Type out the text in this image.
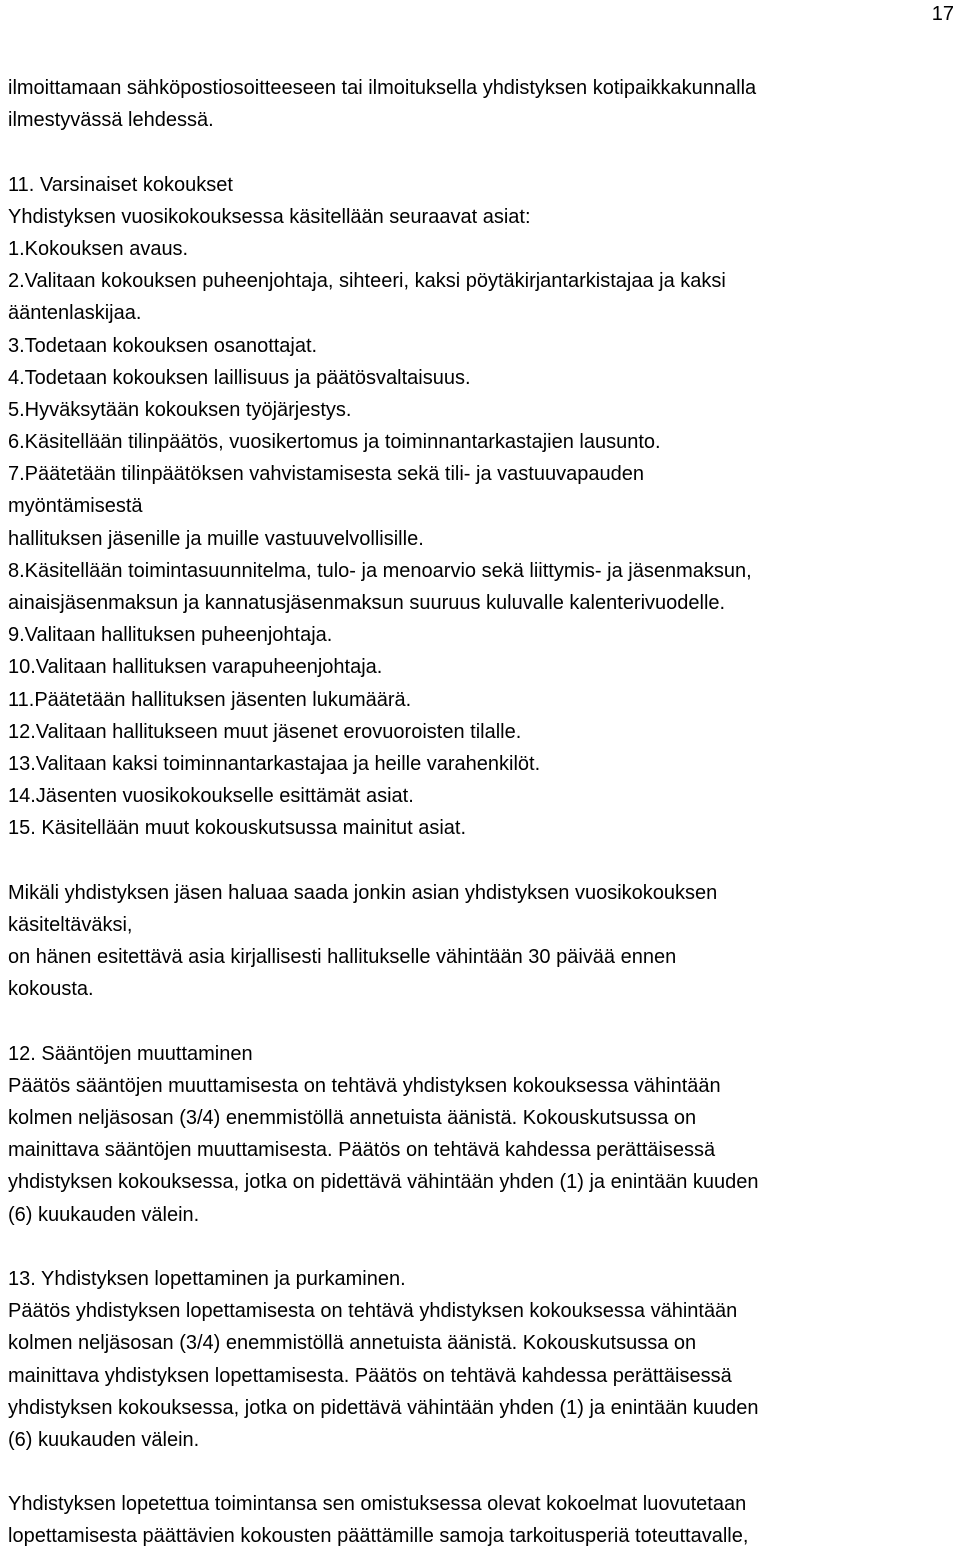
17
ilmoittamaan sähköpostiosoitteeseen tai ilmoituksella yhdistyksen kotipaikkakunnalla
ilmestyvässä lehdessä.
11. Varsinaiset kokoukset
Yhdistyksen vuosikokouksessa käsitellään seuraavat asiat:
1.Kokouksen avaus.
2.Valitaan kokouksen puheenjohtaja, sihteeri, kaksi pöytäkirjantarkistajaa ja kaksi
ääntenlaskijaa.
3.Todetaan kokouksen osanottajat.
4.Todetaan kokouksen laillisuus ja päätösvaltaisuus.
5.Hyväksytään kokouksen työjärjestys.
6.Käsitellään tilinpäätös, vuosikertomus ja toiminnantarkastajien lausunto.
7.Päätetään tilinpäätöksen vahvistamisesta sekä tili- ja vastuuvapauden
myöntämisestä
hallituksen jäsenille ja muille vastuuvelvollisille.
8.Käsitellään toimintasuunnitelma, tulo- ja menoarvio sekä liittymis- ja jäsenmaksun,
ainaisjäsenmaksun ja kannatusjäsenmaksun suuruus kuluvalle kalenterivuodelle.
9.Valitaan hallituksen puheenjohtaja.
10.Valitaan hallituksen varapuheenjohtaja.
11.Päätetään hallituksen jäsenten lukumäärä.
12.Valitaan hallitukseen muut jäsenet erovuoroisten tilalle.
13.Valitaan kaksi toiminnantarkastajaa ja heille varahenkilöt.
14.Jäsenten vuosikokoukselle esittämät asiat.
15. Käsitellään muut kokouskutsussa mainitut asiat.
Mikäli yhdistyksen jäsen haluaa saada jonkin asian yhdistyksen vuosikokouksen
käsiteltäväksi,
on hänen esitettävä asia kirjallisesti hallitukselle vähintään 30 päivää ennen
kokousta.
12. Sääntöjen muuttaminen
Päätös sääntöjen muuttamisesta on tehtävä yhdistyksen kokouksessa vähintään
kolmen neljäsosan (3/4) enemmistöllä annetuista äänistä. Kokouskutsussa on
mainittava sääntöjen muuttamisesta. Päätös on tehtävä kahdessa perättäisessä
yhdistyksen kokouksessa, jotka on pidettävä vähintään yhden (1) ja enintään kuuden
(6) kuukauden välein.
13. Yhdistyksen lopettaminen ja purkaminen.
Päätös yhdistyksen lopettamisesta on tehtävä yhdistyksen kokouksessa vähintään
kolmen neljäsosan (3/4) enemmistöllä annetuista äänistä. Kokouskutsussa on
mainittava yhdistyksen lopettamisesta. Päätös on tehtävä kahdessa perättäisessä
yhdistyksen kokouksessa, jotka on pidettävä vähintään yhden (1) ja enintään kuuden
(6) kuukauden välein.
Yhdistyksen lopetettua toimintansa sen omistuksessa olevat kokoelmat luovutetaan
lopettamisesta päättävien kokousten päättämille samoja tarkoitusperiä toteuttavalle,
